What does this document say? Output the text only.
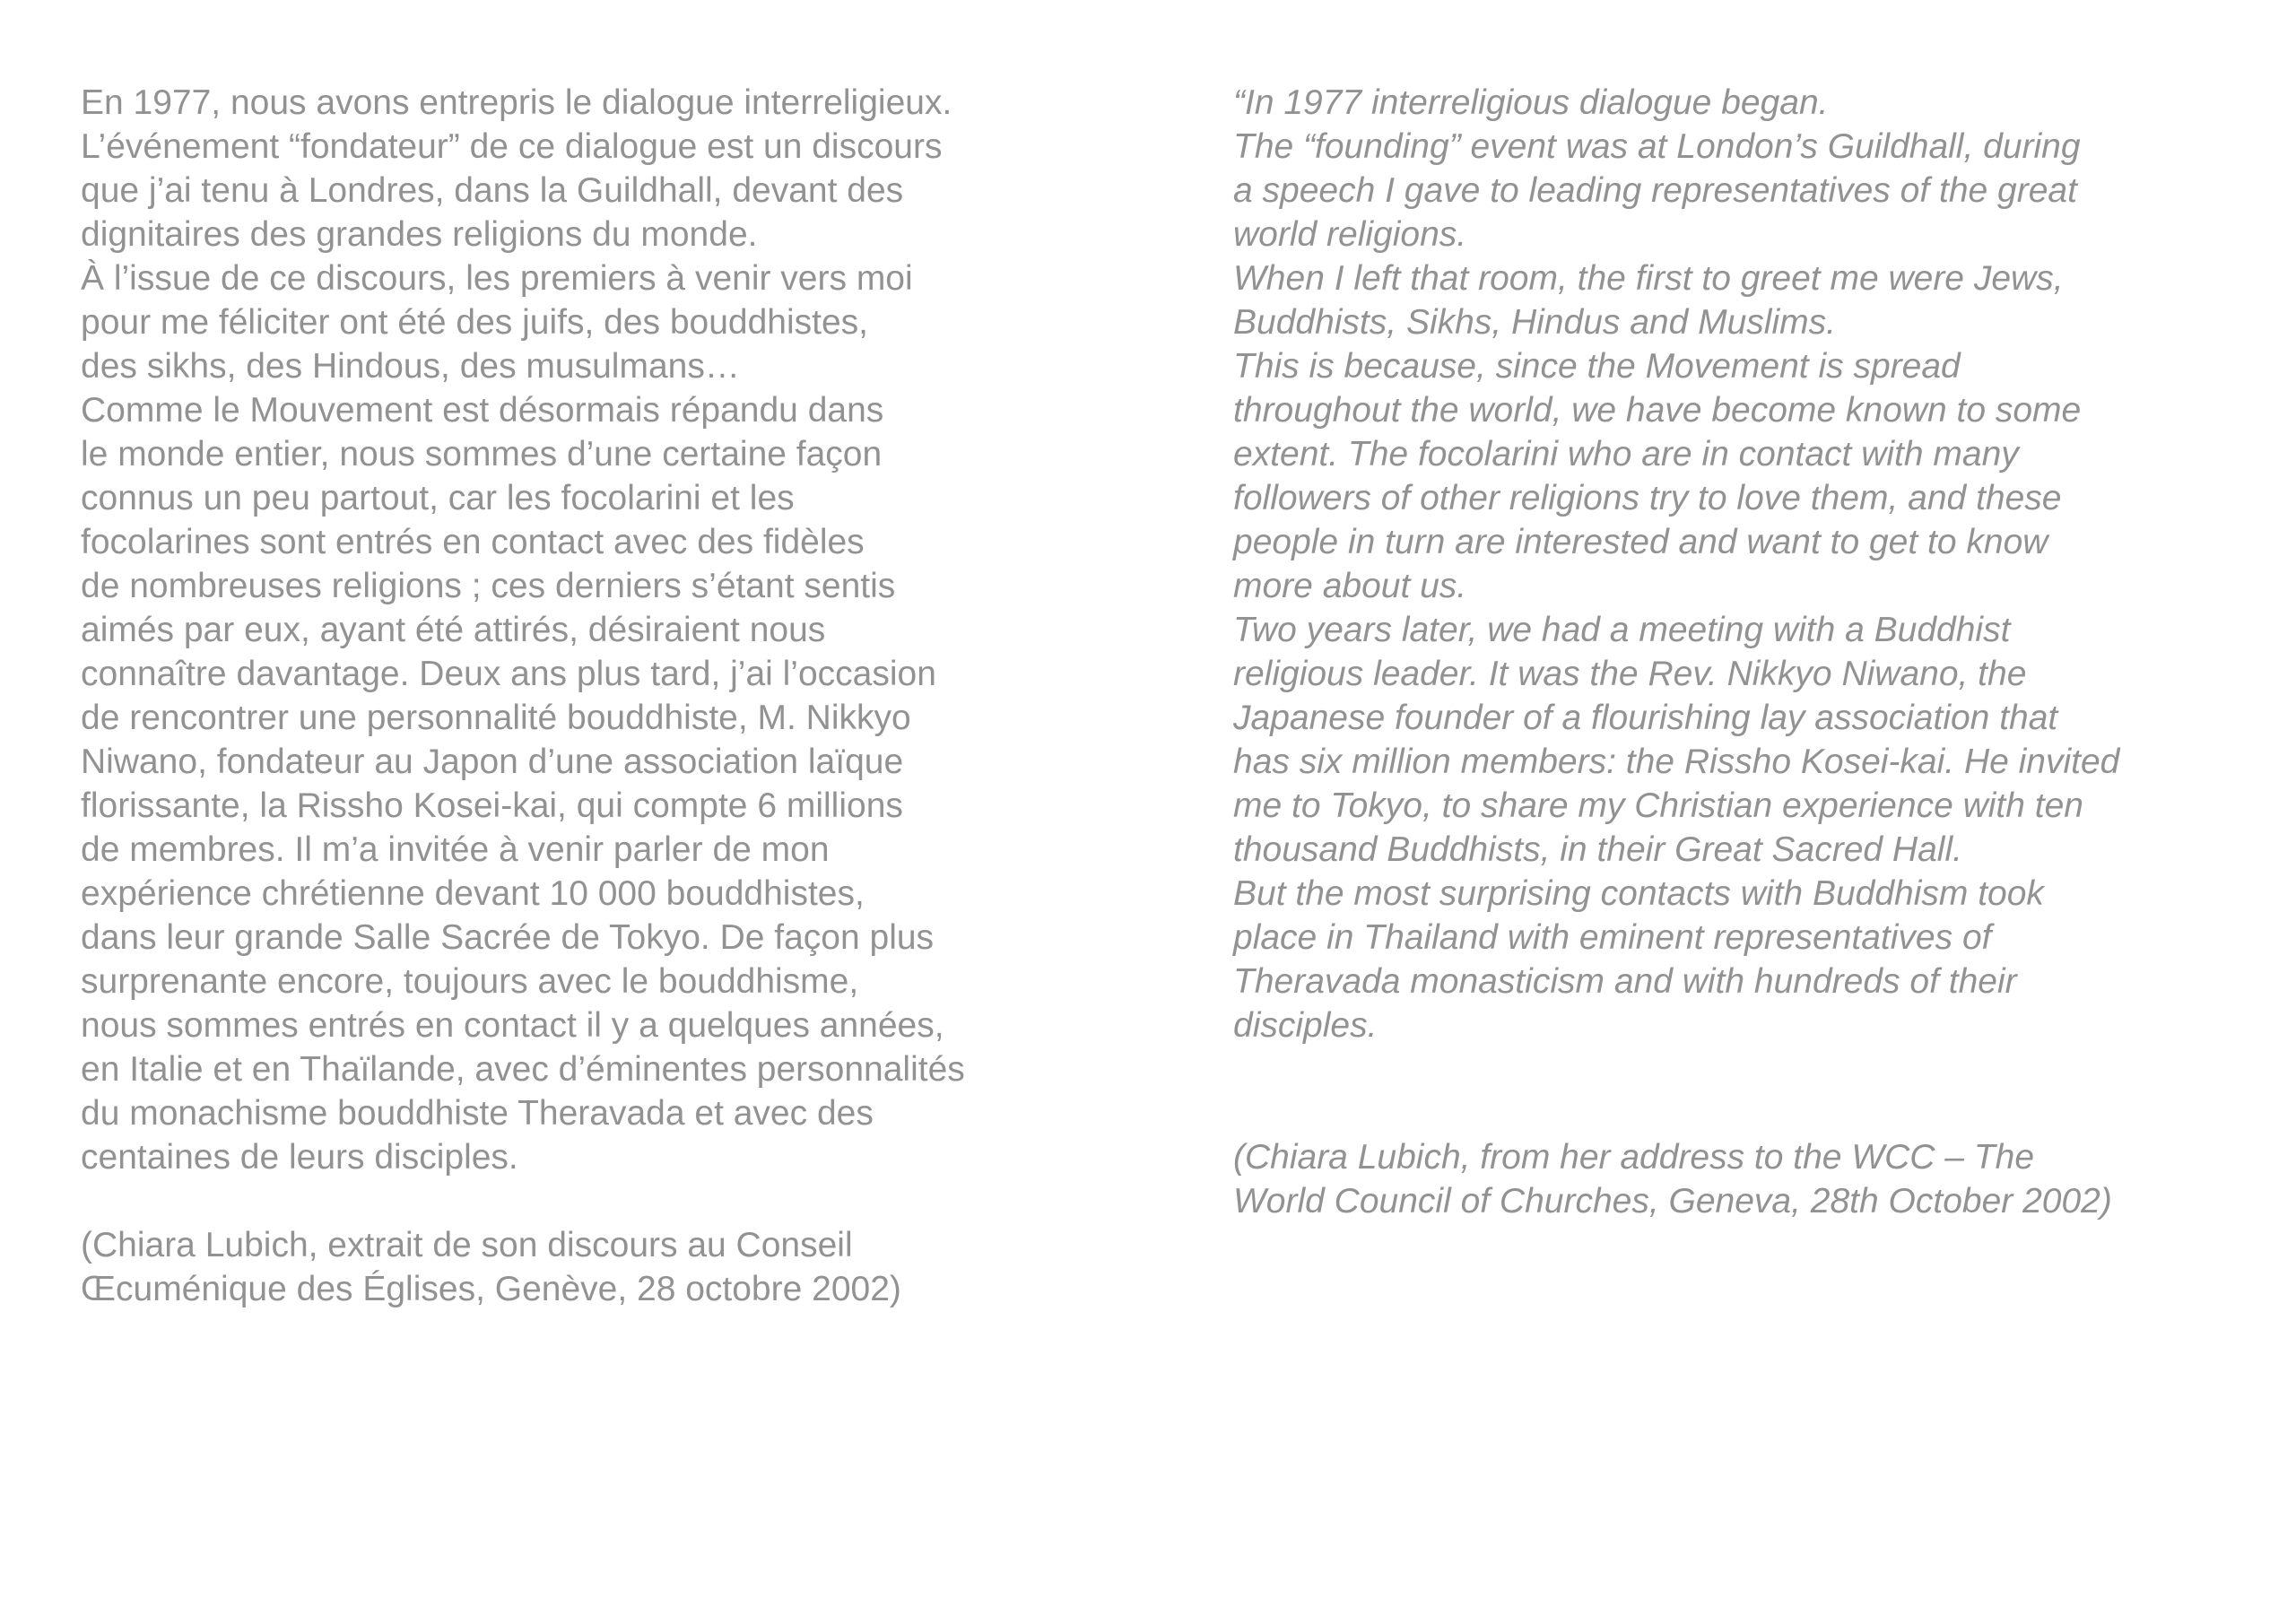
En 1977, nous avons entrepris le dialogue interreligieux.
L’événement “fondateur” de ce dialogue est un discours
que j’ai tenu à Londres, dans la Guildhall, devant des
dignitaires des grandes religions du monde.
À l’issue de ce discours, les premiers à venir vers moi
pour me féliciter ont été des juifs, des bouddhistes,
des sikhs, des Hindous, des musulmans…
Comme le Mouvement est désormais répandu dans
le monde entier, nous sommes d’une certaine façon
connus un peu partout, car les focolarini et les
focolarines sont entrés en contact avec des fidèles
de nombreuses religions ; ces derniers s’étant sentis
aimés par eux, ayant été attirés, désiraient nous
connaître davantage. Deux ans plus tard, j’ai l’occasion
de rencontrer une personnalité bouddhiste, M. Nikkyo
Niwano, fondateur au Japon d’une association laïque
florissante, la Rissho Kosei-kai, qui compte 6 millions
de membres. Il m’a invitée à venir parler de mon
expérience chrétienne devant 10 000 bouddhistes,
dans leur grande Salle Sacrée de Tokyo. De façon plus
surprenante encore, toujours avec le bouddhisme,
nous sommes entrés en contact il y a quelques années,
en Italie et en Thaïlande, avec d’éminentes personnalités
du monachisme bouddhiste Theravada et avec des
centaines de leurs disciples.
(Chiara Lubich, extrait de son discours au Conseil
Œcuménique des Églises, Genève, 28 octobre 2002)
“In 1977 interreligious dialogue began.
The “founding” event was at London’s Guildhall, during
a speech I gave to leading representatives of the great
world religions.
When I left that room, the first to greet me were Jews,
Buddhists, Sikhs, Hindus and Muslims.
This is because, since the Movement is spread
throughout the world, we have become known to some
extent. The focolarini who are in contact with many
followers of other religions try to love them, and these
people in turn are interested and want to get to know
more about us.
Two years later, we had a meeting with a Buddhist
religious leader. It was the Rev. Nikkyo Niwano, the
Japanese founder of a flourishing lay association that
has six million members: the Rissho Kosei-kai. He invited
me to Tokyo, to share my Christian experience with ten
thousand Buddhists, in their Great Sacred Hall.
But the most surprising contacts with Buddhism took
place in Thailand with eminent representatives of
Theravada monasticism and with hundreds of their
disciples.
(Chiara Lubich, from her address to the WCC – The
World Council of Churches, Geneva, 28th October 2002)
